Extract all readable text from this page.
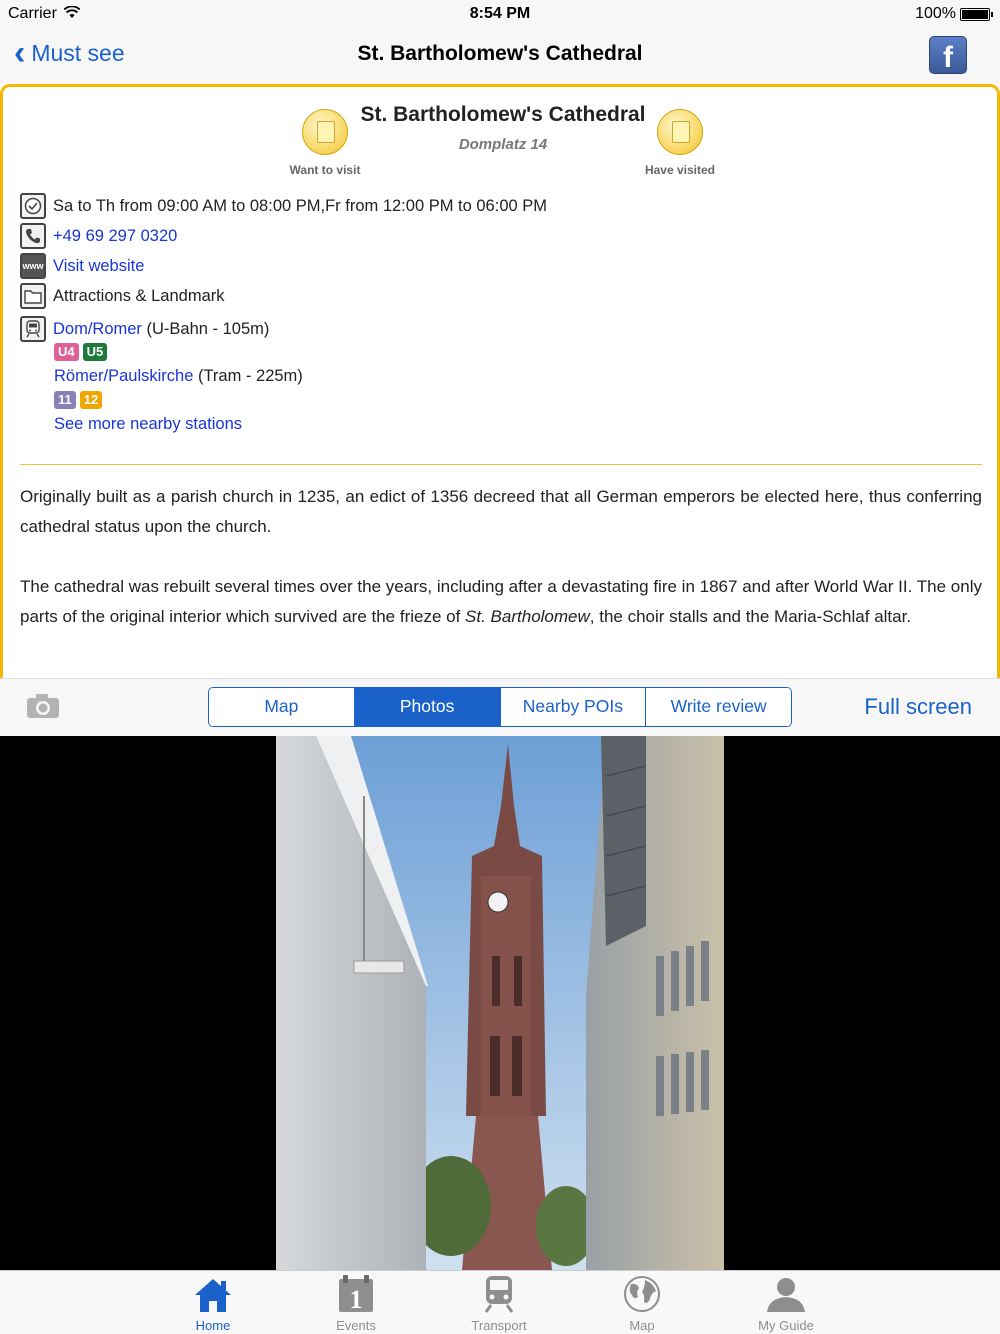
Carrier	8:54 PM	100%
‹ Must see	St. Bartholomew's Cathedral	f
Want to visit
St. Bartholomew's Cathedral
Domplatz 14
Have visited
Sa to Th from 09:00 AM to 08:00 PM,Fr from 12:00 PM to 06:00 PM
+49 69 297 0320
www Visit website
Attractions & Landmark
Dom/Romer (U-Bahn - 105m)
U4 U5
Römer/Paulskirche (Tram - 225m)
11 12
See more nearby stations

Originally built as a parish church in 1235, an edict of 1356 decreed that all German emperors be elected here, thus conferring cathedral status upon the church.

The cathedral was rebuilt several times over the years, including after a devastating fire in 1867 and after World War II. The only parts of the original interior which survived are the frieze of St. Bartholomew, the choir stalls and the Maria-Schlaf altar.

Map	Photos	Nearby POIs	Write review	Full screen
Home
1
Events	Transport	Map	My Guide
